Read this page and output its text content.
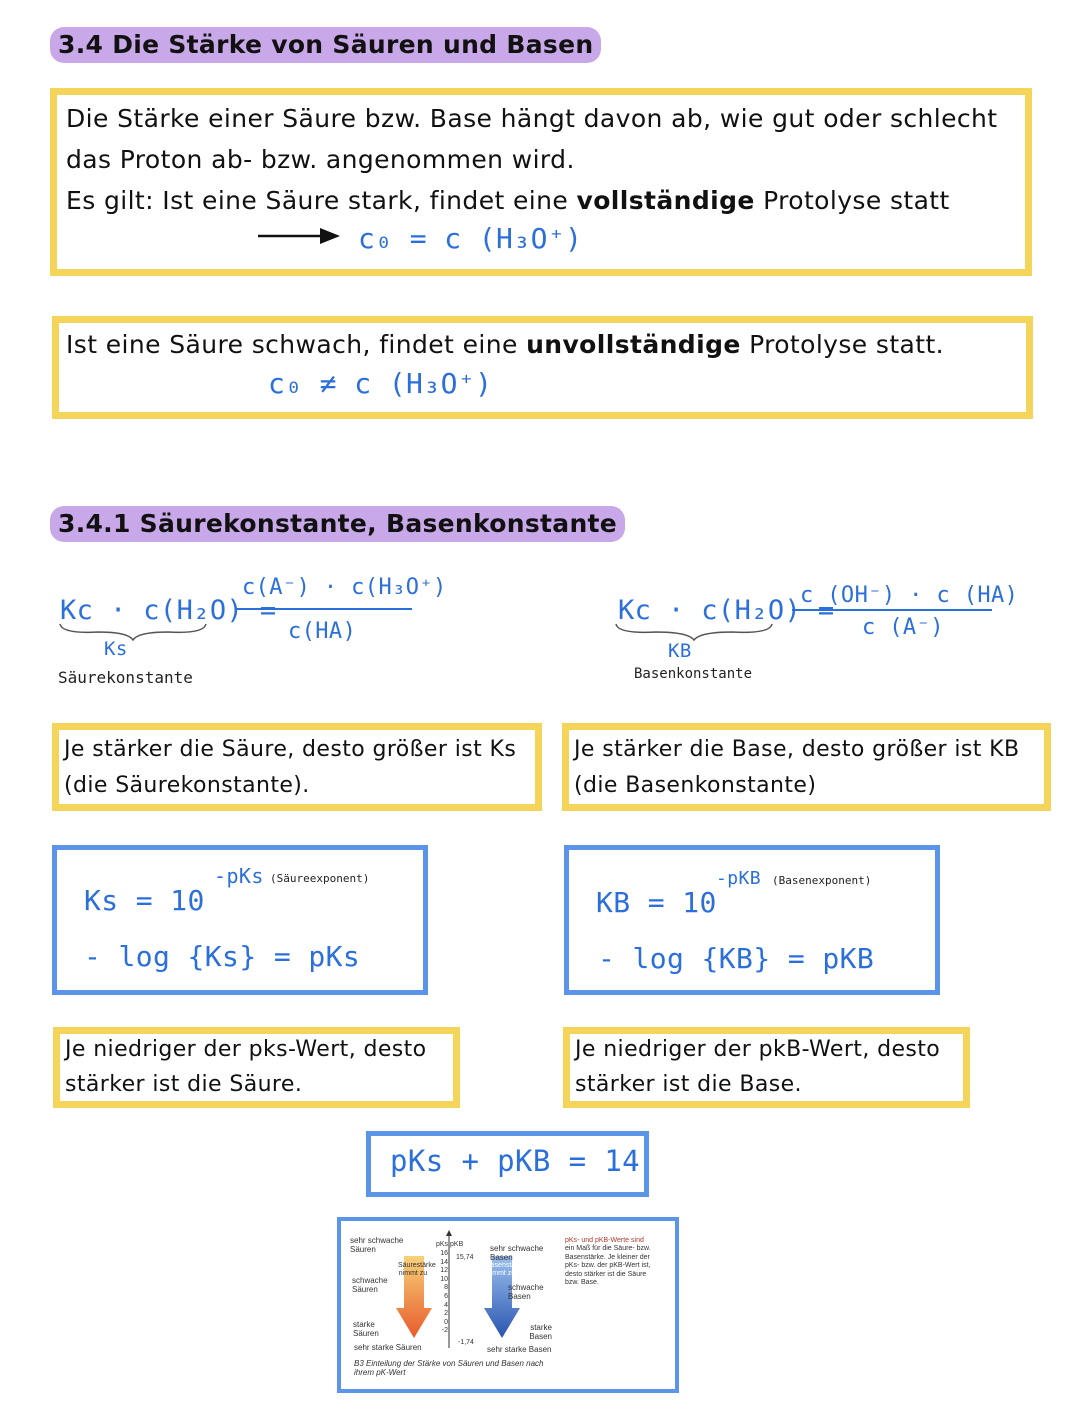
3.4 Die Stärke von Säuren und Basen
Die Stärke einer Säure bzw. Base hängt davon ab, wie gut oder schlecht
das Proton ab- bzw. angenommen wird.
Es gilt: Ist eine Säure stark, findet eine vollständige Protolyse statt
c₀ = c (H₃O⁺)
Ist eine Säure schwach, findet eine unvollständige Protolyse statt.
c₀ ≠ c (H₃O⁺)
3.4.1 Säurekonstante, Basenkonstante
Kc · c(H₂O) =
c(A⁻) · c(H₃O⁺)
c(HA)
Ks
Säurekonstante
Kc · c(H₂O) =
c (OH⁻) · c (HA)
c (A⁻)
KB
Basenkonstante
Je stärker die Säure, desto größer ist Ks
(die Säurekonstante).
Je stärker die Base, desto größer ist KB
(die Basenkonstante)
Ks = 10
-pKs (Säureexponent)
- log {Ks} = pKs
KB = 10
-pKB (Basenexponent)
- log {KB} = pKB
Je niedriger der pks-Wert, desto
stärker ist die Säure.
Je niedriger der pkB-Wert, desto
stärker ist die Base.
pKs + pKB = 14
sehr schwache Säuren
schwache Säuren
starke Säuren
sehr starke Säuren
Säurestärke nimmt zu
pKs pKB
16
14
12
10
8
6
4
2
0
-2
15,74
-1,74
Basenstärke nimmt zu
sehr schwache Basen
schwache Basen
starke Basen
sehr starke Basen
pKs- und pKB-Werte sind
ein Maß für die Säure- bzw. Basenstärke. Je kleiner der pKs- bzw. der pKB-Wert ist, desto stärker ist die Säure bzw. Base.
B3 Einteilung der Stärke von Säuren und Basen nach ihrem pK-Wert
